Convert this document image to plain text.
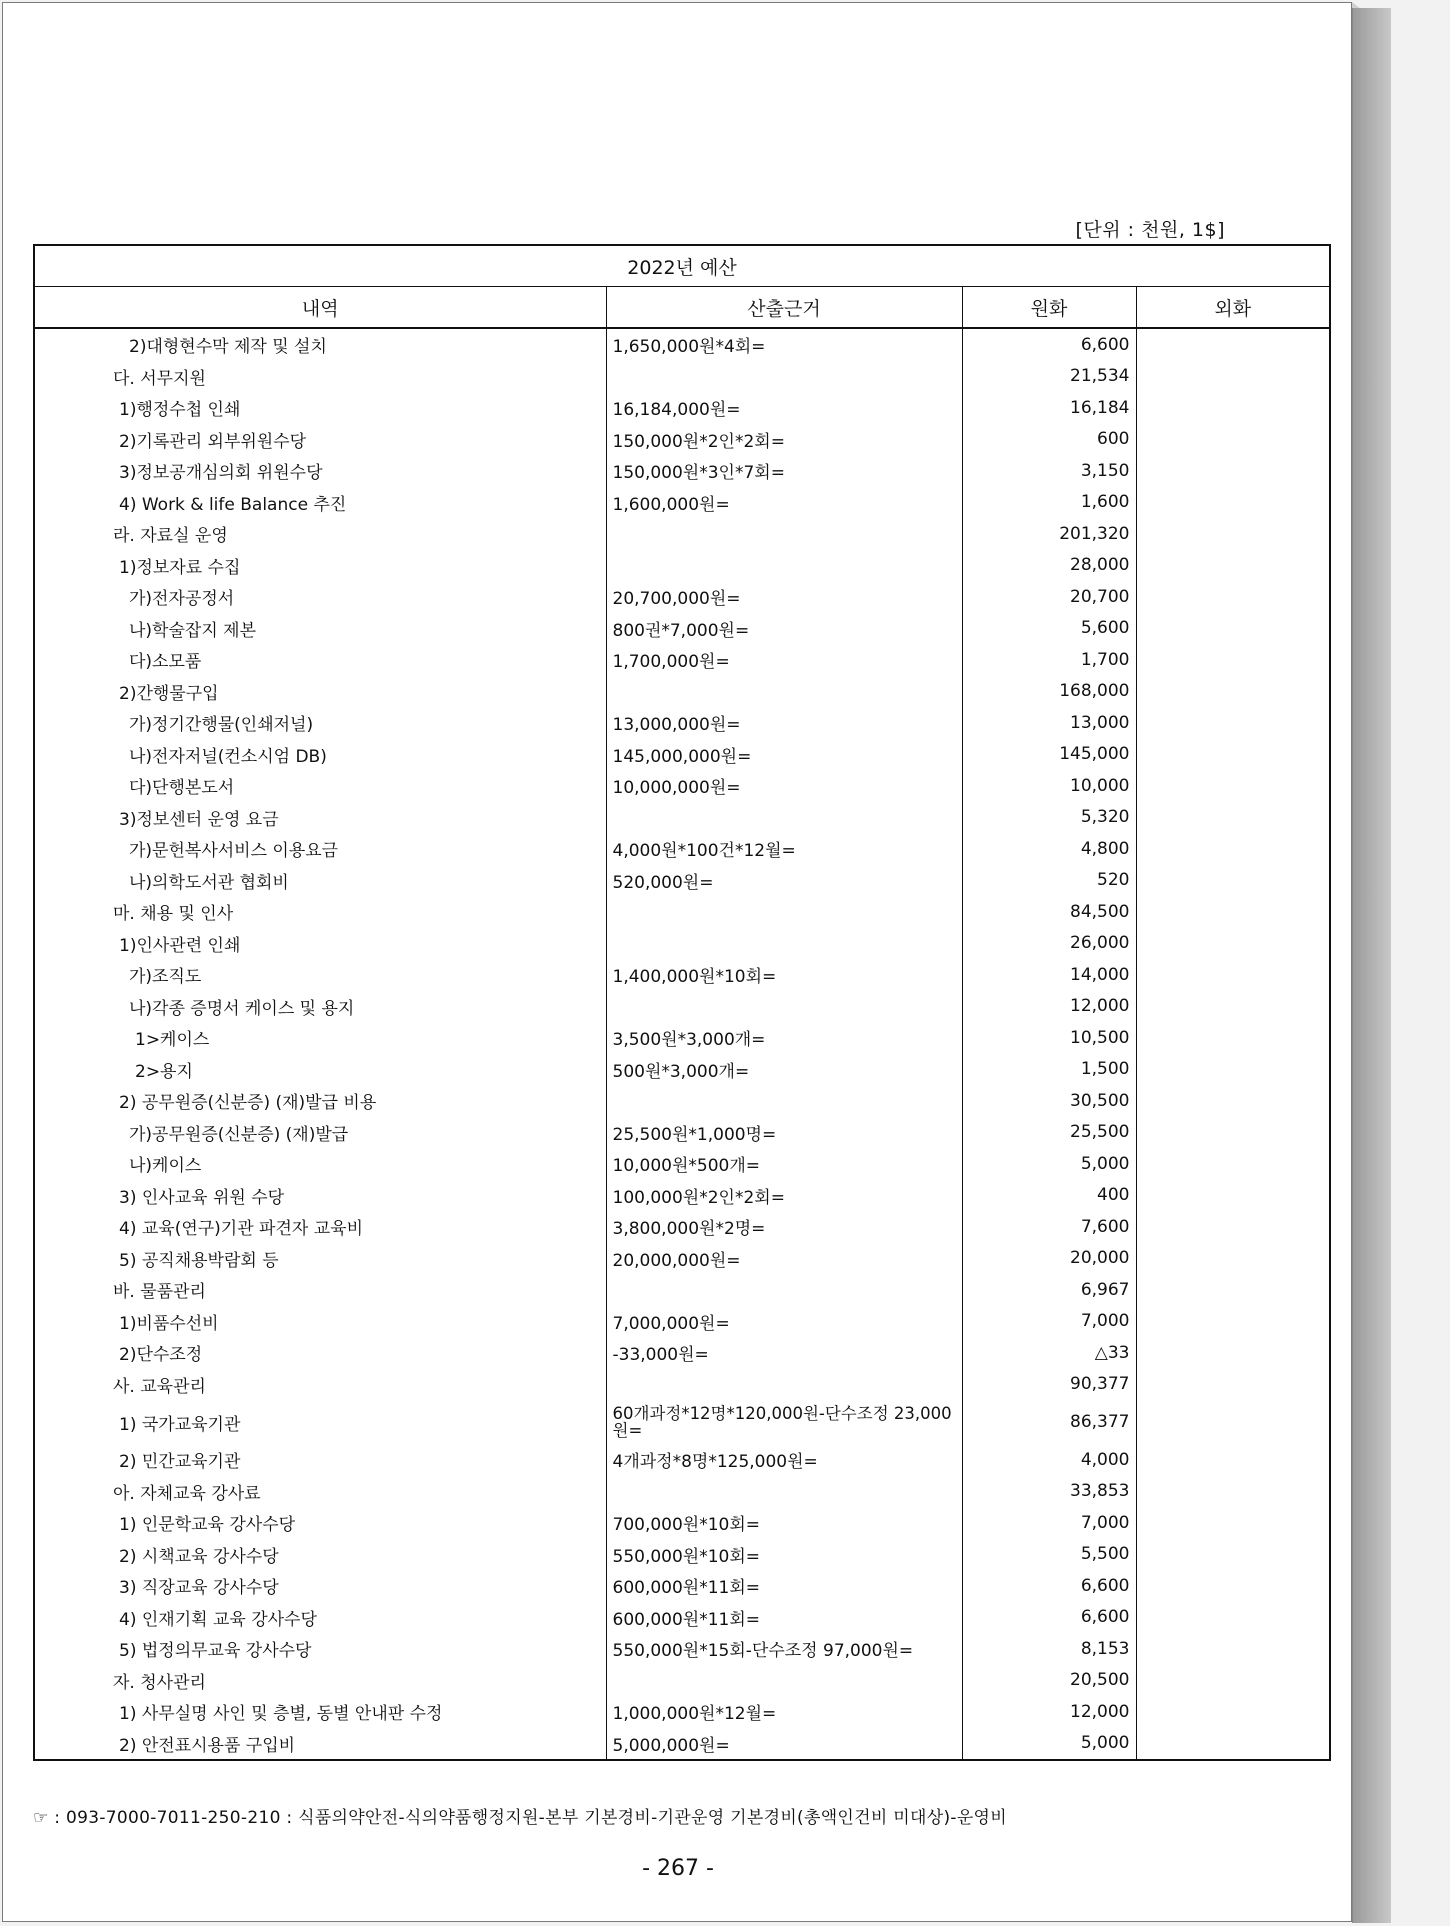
[단위 : 천원, 1$]
2022년 예산			
내역	산출근거	원화	외화
2)대형현수막 제작 및 설치	1,650,000원*4회=	6,600	
다. 서무지원		21,534	
1)행정수첩 인쇄	16,184,000원=	16,184	
2)기록관리 외부위원수당	150,000원*2인*2회=	600	
3)정보공개심의회 위원수당	150,000원*3인*7회=	3,150	
4) Work & life Balance 추진	1,600,000원=	1,600	
라. 자료실 운영		201,320	
1)정보자료 수집		28,000	
가)전자공정서	20,700,000원=	20,700	
나)학술잡지 제본	800권*7,000원=	5,600	
다)소모품	1,700,000원=	1,700	
2)간행물구입		168,000	
가)정기간행물(인쇄저널)	13,000,000원=	13,000	
나)전자저널(컨소시엄 DB)	145,000,000원=	145,000	
다)단행본도서	10,000,000원=	10,000	
3)정보센터 운영 요금		5,320	
가)문헌복사서비스 이용요금	4,000원*100건*12월=	4,800	
나)의학도서관 협회비	520,000원=	520	
마. 채용 및 인사		84,500	
1)인사관련 인쇄		26,000	
가)조직도	1,400,000원*10회=	14,000	
나)각종 증명서 케이스 및 용지		12,000	
1>케이스	3,500원*3,000개=	10,500	
2>용지	500원*3,000개=	1,500	
2) 공무원증(신분증) (재)발급 비용		30,500	
가)공무원증(신분증) (재)발급	25,500원*1,000명=	25,500	
나)케이스	10,000원*500개=	5,000	
3) 인사교육 위원 수당	100,000원*2인*2회=	400	
4) 교육(연구)기관 파견자 교육비	3,800,000원*2명=	7,600	
5) 공직채용박람회 등	20,000,000원=	20,000	
바. 물품관리		6,967	
1)비품수선비	7,000,000원=	7,000	
2)단수조정	-33,000원=	△33	
사. 교육관리		90,377	
1) 국가교육기관	60개과정*12명*120,000원-단수조정 23,000원=	86,377	
2) 민간교육기관	4개과정*8명*125,000원=	4,000	
아. 자체교육 강사료		33,853	
1) 인문학교육 강사수당	700,000원*10회=	7,000	
2) 시책교육 강사수당	550,000원*10회=	5,500	
3) 직장교육 강사수당	600,000원*11회=	6,600	
4) 인재기획 교육 강사수당	600,000원*11회=	6,600	
5) 법정의무교육 강사수당	550,000원*15회-단수조정 97,000원=	8,153	
자. 청사관리		20,500	
1) 사무실명 사인 및 층별, 동별 안내판 수정	1,000,000원*12월=	12,000	
2) 안전표시용품 구입비	5,000,000원=	5,000	
☞ : 093-7000-7011-250-210 : 식품의약안전-식의약품행정지원-본부 기본경비-기관운영 기본경비(총액인건비 미대상)-운영비
- 267 -
